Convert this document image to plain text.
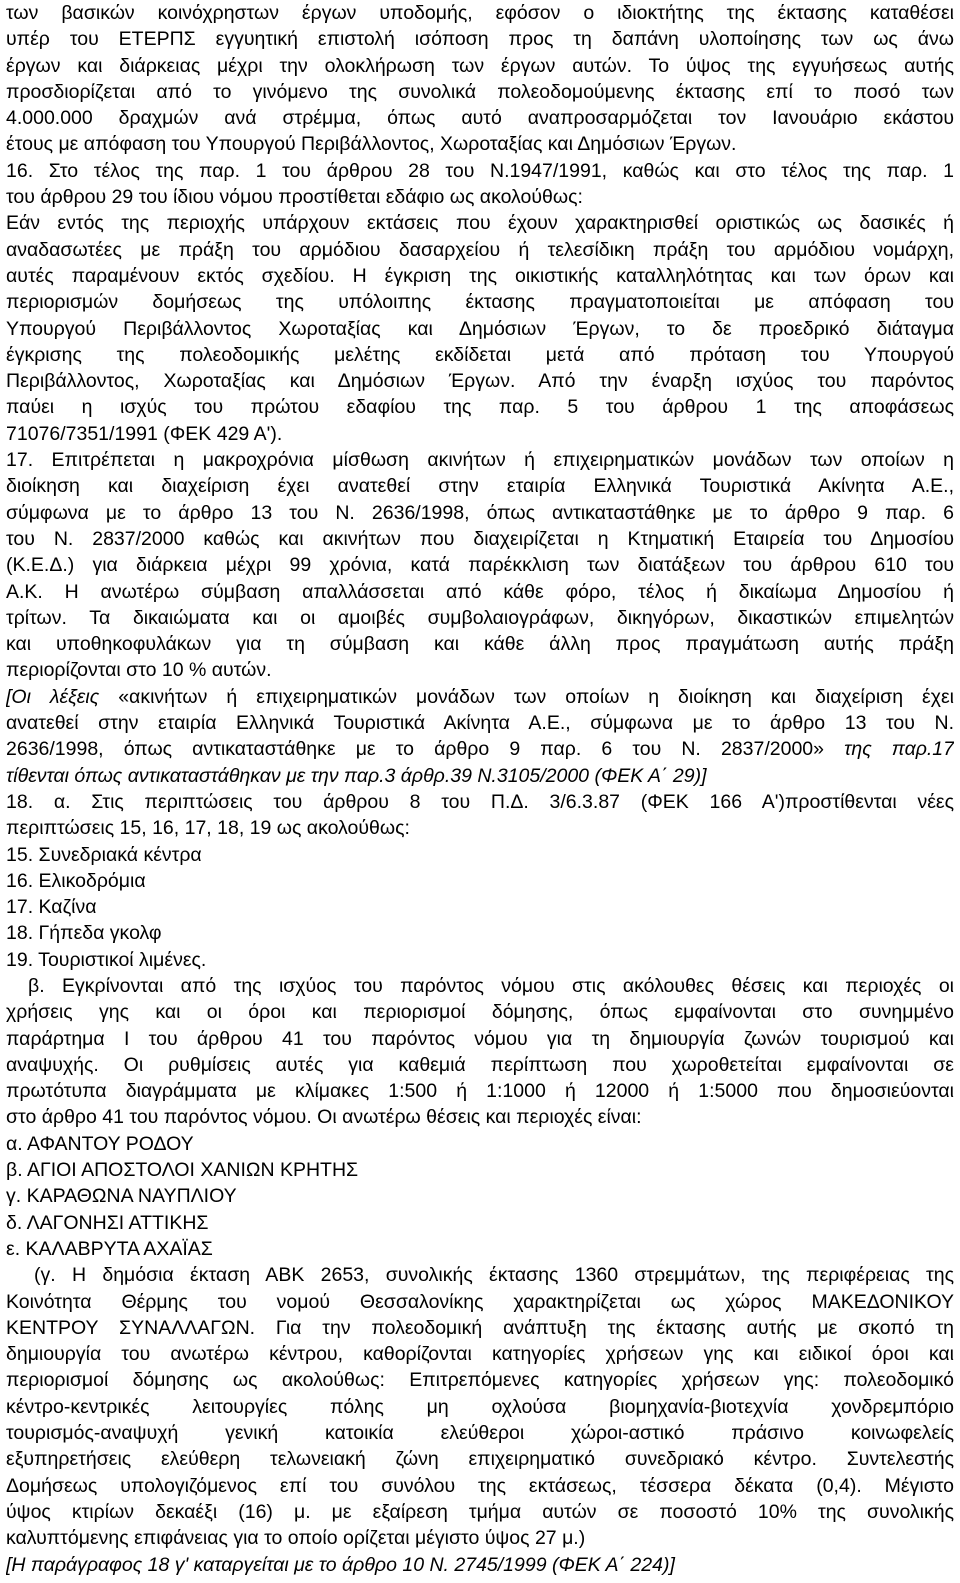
των βασικών κοινόχρηστων έργων υποδομής, εφόσον ο ιδιοκτήτης της έκτασης καταθέσει
υπέρ του ΕΤΕΡΠΣ εγγυητική επιστολή ισόποση προς τη δαπάνη υλοποίησης των ως άνω
έργων και διάρκειας μέχρι την ολοκλήρωση των έργων αυτών. Το ύψος της εγγυήσεως αυτής
προσδιορίζεται από το γινόμενο της συνολικά πολεοδομούμενης έκτασης επί το ποσό των
4.000.000 δραχμών ανά στρέμμα, όπως αυτό αναπροσαρμόζεται τον Ιανουάριο εκάστου
έτους με απόφαση του Υπουργού Περιβάλλοντος, Χωροταξίας και Δημόσιων Έργων.
16. Στο τέλος της παρ. 1 του άρθρου 28 του Ν.1947/1991, καθώς και στο τέλος της παρ. 1
του άρθρου 29 του ίδιου νόμου προστίθεται εδάφιο ως ακολούθως:
Εάν εντός της περιοχής υπάρχουν εκτάσεις που έχουν χαρακτηρισθεί οριστικώς ως δασικές ή
αναδασωτέες με πράξη του αρμόδιου δασαρχείου ή τελεσίδικη πράξη του αρμόδιου νομάρχη,
αυτές παραμένουν εκτός σχεδίου. Η έγκριση της οικιστικής καταλληλότητας και των όρων και
περιορισμών δομήσεως της υπόλοιπης έκτασης πραγματοποιείται με απόφαση του
Υπουργού Περιβάλλοντος Χωροταξίας και Δημόσιων Έργων, το δε προεδρικό διάταγμα
έγκρισης της πολεοδομικής μελέτης εκδίδεται μετά από πρόταση του Υπουργού
Περιβάλλοντος, Χωροταξίας και Δημόσιων Έργων. Από την έναρξη ισχύος του παρόντος
παύει η ισχύς του πρώτου εδαφίου της παρ. 5 του άρθρου 1 της αποφάσεως
71076/7351/1991 (ΦΕΚ 429 Α').
17. Επιτρέπεται η μακροχρόνια μίσθωση ακινήτων ή επιχειρηματικών μονάδων των οποίων η
διοίκηση και διαχείριση έχει ανατεθεί στην εταιρία Ελληνικά Τουριστικά Ακίνητα Α.Ε.,
σύμφωνα με το άρθρο 13 του Ν. 2636/1998, όπως αντικαταστάθηκε με το άρθρο 9 παρ. 6
του Ν. 2837/2000 καθώς και ακινήτων που διαχειρίζεται η Κτηματική Εταιρεία του Δημοσίου
(Κ.Ε.Δ.) για διάρκεια μέχρι 99 χρόνια, κατά παρέκκλιση των διατάξεων του άρθρου 610 του
Α.Κ. Η ανωτέρω σύμβαση απαλλάσσεται από κάθε φόρο, τέλος ή δικαίωμα Δημοσίου ή
τρίτων. Τα δικαιώματα και οι αμοιβές συμβολαιογράφων, δικηγόρων, δικαστικών επιμελητών
και υποθηκοφυλάκων για τη σύμβαση και κάθε άλλη προς πραγμάτωση αυτής πράξη
περιορίζονται στο 10 % αυτών.
[Οι λέξεις «ακινήτων ή επιχειρηματικών μονάδων των οποίων η διοίκηση και διαχείριση έχει
ανατεθεί στην εταιρία Ελληνικά Τουριστικά Ακίνητα Α.Ε., σύμφωνα με το άρθρο 13 του Ν.
2636/1998, όπως αντικαταστάθηκε με το άρθρο 9 παρ. 6 του Ν. 2837/2000» της παρ.17
τίθενται όπως αντικαταστάθηκαν με την παρ.3 άρθρ.39 Ν.3105/2000 (ΦΕΚ Α΄ 29)]
18. α. Στις περιπτώσεις του άρθρου 8 του Π.Δ. 3/6.3.87 (ΦΕΚ 166 Α')προστίθενται νέες
περιπτώσεις 15, 16, 17, 18, 19 ως ακολούθως:
15. Συνεδριακά κέντρα
16. Ελικοδρόμια
17. Καζίνα
18. Γήπεδα γκολφ
19. Τουριστικοί λιμένες.
β. Εγκρίνονται από της ισχύος του παρόντος νόμου στις ακόλουθες θέσεις και περιοχές οι
χρήσεις γης και οι όροι και περιορισμοί δόμησης, όπως εμφαίνονται στο συνημμένο
παράρτημα Ι του άρθρου 41 του παρόντος νόμου για τη δημιουργία ζωνών τουρισμού και
αναψυχής. Οι ρυθμίσεις αυτές για καθεμιά περίπτωση που χωροθετείται εμφαίνονται σε
πρωτότυπα διαγράμματα με κλίμακες 1:500 ή 1:1000 ή 12000 ή 1:5000 που δημοσιεύονται
στο άρθρο 41 του παρόντος νόμου. Οι ανωτέρω θέσεις και περιοχές είναι:
α. ΑΦΑΝΤΟΥ ΡΟΔΟΥ
β. ΑΓΙΟΙ ΑΠΟΣΤΟΛΟΙ ΧΑΝΙΩΝ ΚΡΗΤΗΣ
γ. ΚΑΡΑΘΩΝΑ ΝΑΥΠΛΙΟΥ
δ. ΛΑΓΟΝΗΣΙ ΑΤΤΙΚΗΣ
ε. ΚΑΛΑΒΡΥΤΑ ΑΧΑΪΑΣ
(γ. Η δημόσια έκταση ΑΒΚ 2653, συνολικής έκτασης 1360 στρεμμάτων, της περιφέρειας της
Κοινότητα Θέρμης του νομού Θεσσαλονίκης χαρακτηρίζεται ως χώρος ΜΑΚΕΔΟΝΙΚΟΥ
ΚΕΝΤΡΟΥ ΣΥΝΑΛΛΑΓΩΝ. Για την πολεοδομική ανάπτυξη της έκτασης αυτής με σκοπό τη
δημιουργία του ανωτέρω κέντρου, καθορίζονται κατηγορίες χρήσεων γης και ειδικοί όροι και
περιορισμοί δόμησης ως ακολούθως: Επιτρεπόμενες κατηγορίες χρήσεων γης: πολεοδομικό
κέντρο-κεντρικές λειτουργίες πόλης μη οχλούσα βιομηχανία-βιοτεχνία χονδρεμπόριο
τουρισμός-αναψυχή γενική κατοικία ελεύθεροι χώροι-αστικό πράσινο κοινωφελείς
εξυπηρετήσεις ελεύθερη τελωνειακή ζώνη επιχειρηματικό συνεδριακό κέντρο. Συντελεστής
Δομήσεως υπολογιζόμενος επί του συνόλου της εκτάσεως, τέσσερα δέκατα (0,4). Μέγιστο
ύψος κτιρίων δεκαέξι (16) μ. με εξαίρεση τμήμα αυτών σε ποσοστό 10% της συνολικής
καλυπτόμενης επιφάνειας για το οποίο ορίζεται μέγιστο ύψος 27 μ.)
[Η παράγραφος 18 γ' καταργείται με το άρθρο 10 Ν. 2745/1999 (ΦΕΚ Α΄ 224)]
